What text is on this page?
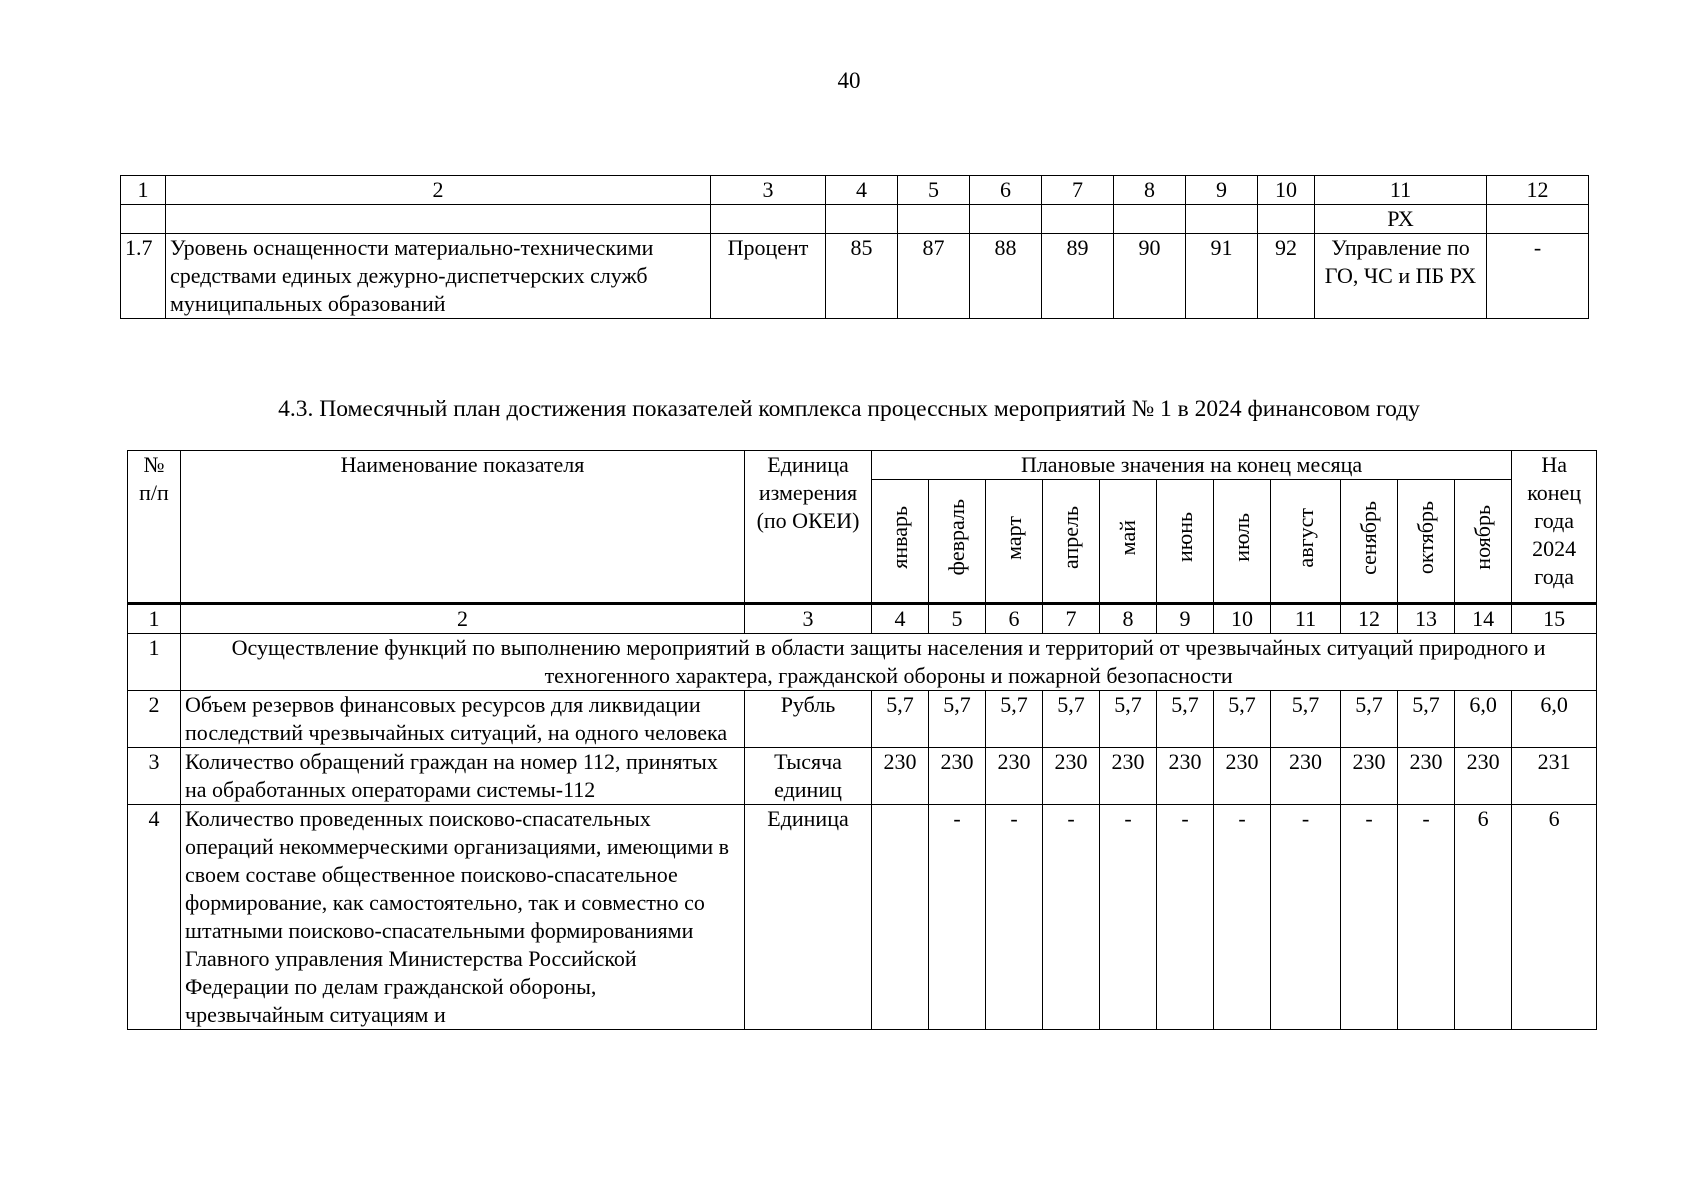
40
1	2	3	4	5	6	7	8	9	10	11	12
										РХ	
1.7	Уровень оснащенности материально-техническими средствами единых дежурно-диспетчерских служб муниципальных образований	Процент	85	87	88	89	90	91	92	Управление по ГО, ЧС и ПБ РХ	-
4.3. Помесячный план достижения показателей комплекса процессных мероприятий № 1 в 2024 финансовом году
№ п/п	Наименование показателя	Единица измерения (по ОКЕИ)	Плановые значения на конец месяца											На конец года 2024 года
			январь	февраль	март	апрель	май	июнь	июль	август	сенябрь	октябрь	ноябрь	
1	2	3	4	5	6	7	8	9	10	11	12	13	14	15
1	Осуществление функций по выполнению мероприятий в области защиты населения и территорий от чрезвычайных ситуаций природного и техногенного характера, гражданской обороны и пожарной безопасности													
2	Объем резервов финансовых ресурсов для ликвидации последствий чрезвычайных ситуаций, на одного человека	Рубль	5,7	5,7	5,7	5,7	5,7	5,7	5,7	5,7	5,7	5,7	6,0	6,0
3	Количество обращений граждан на номер 112, принятых на обработанных операторами системы-112	Тысяча единиц	230	230	230	230	230	230	230	230	230	230	230	231
4	Количество проведенных поисково-спасательных операций некоммерческими организациями, имеющими в своем составе общественное поисково-спасательное формирование, как самостоятельно, так и совместно со штатными поисково-спасательными формированиями Главного управления Министерства Российской Федерации по делам гражданской обороны, чрезвычайным ситуациям и	Единица		-	-	-	-	-	-	-	-	-	6	6
